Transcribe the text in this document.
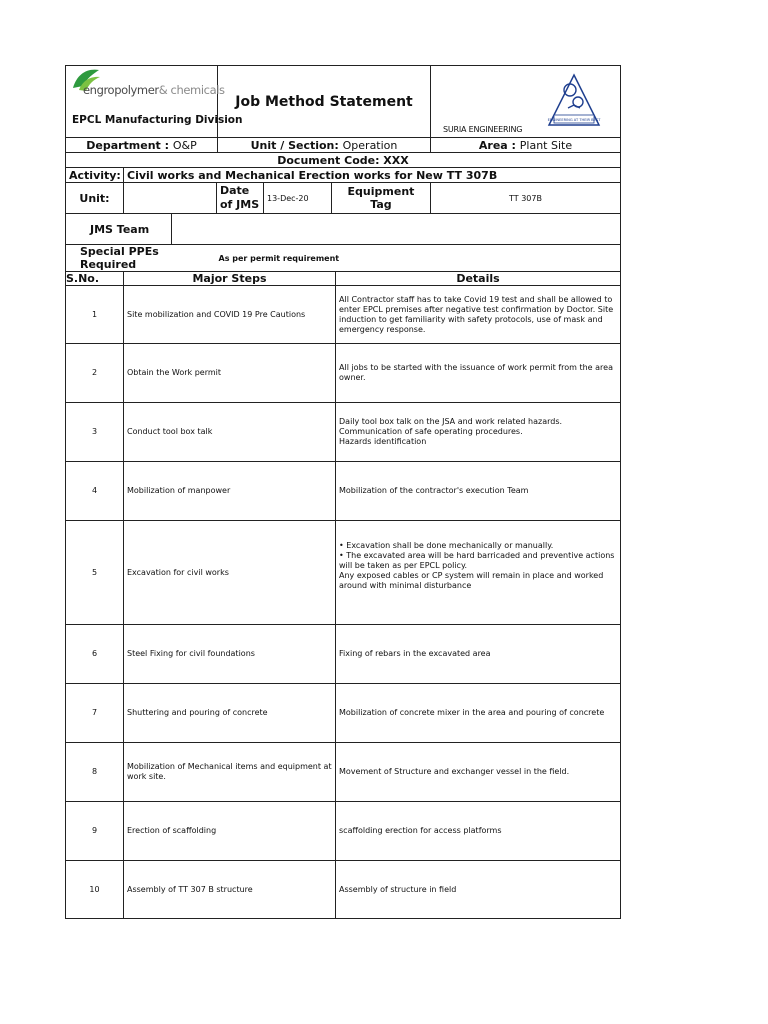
engropolymer& chemicals
EPCL Manufacturing Division
	Job Method Statement	
SURIA ENGINEERING
ENGINEERING AT THEIR BEST
Department : O&P	Unit / Section: Operation	Area : Plant Site
Document Code: XXX
Activity:	Civil works and Mechanical Erection works for New TT 307B
Unit:		Date of JMS	13-Dec-20	Equipment Tag	TT 307B
JMS Team	
Special PPEs Required	As per permit requirement
S.No.	Major Steps	Details
1	Site mobilization and COVID 19 Pre Cautions	All Contractor staff has to take Covid 19 test and shall be allowed to enter EPCL premises after negative test confirmation by Doctor. Site induction to get familiarity with safety protocols, use of mask and emergency response.
2	Obtain the Work permit	All jobs to be started with the issuance of work permit from the area owner.
3	Conduct tool box talk	Daily tool box talk on the JSA and work related hazards.
Communication of safe operating procedures.
Hazards identification
4	Mobilization of manpower	Mobilization of the contractor's execution Team
5	Excavation for civil works	• Excavation shall be done mechanically or manually.
• The excavated area will be hard barricaded and preventive actions will be taken as per EPCL policy.
Any exposed cables or CP system will remain in place and worked around with minimal disturbance
6	Steel Fixing for civil foundations	Fixing of rebars in the excavated area
7	Shuttering and pouring of concrete	Mobilization of concrete mixer in the area and pouring of concrete
8	Mobilization of Mechanical items and equipment at work site.	Movement of Structure and exchanger vessel in the field.
9	Erection of scaffolding	scaffolding erection for access platforms
10	Assembly of TT 307 B structure	Assembly of structure in field
